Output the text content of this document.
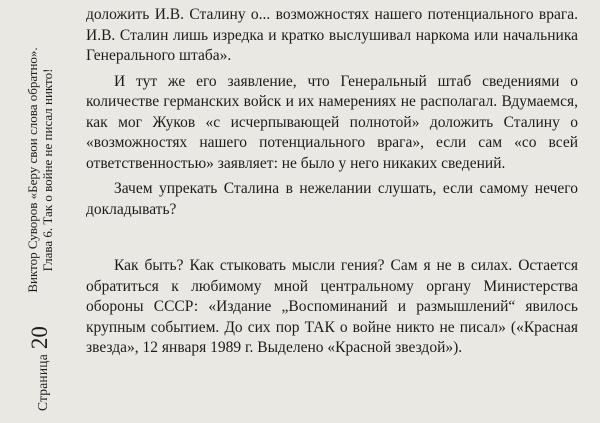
Страница
20
Виктор Суворов «Беру свои слова обратно». Глава 6. Так о войне не писал никто!

доложить И.В. Сталину о... возможностях нашего потенциального врага. И.В. Сталин лишь изредка и кратко выслушивал наркома или начальника Генерального штаба».

И тут же его заявление, что Генеральный штаб сведениями о количестве германских войск и их намерениях не располагал. Вдумаемся, как мог Жуков «с исчерпывающей полнотой» доложить Сталину о «возможностях нашего потенциального врага», если сам «со всей ответственностью» заявляет: не было у него никаких сведений.

Зачем упрекать Сталина в нежелании слушать, если самому нечего докладывать?

Как быть? Как стыковать мысли гения? Сам я не в силах. Остается обратиться к любимому мной центральному органу Министерства обороны СССР: «Издание „Воспоминаний и размышлений“ явилось крупным событием. До сих пор ТАК о войне никто не писал» («Красная звезда», 12 января 1989 г. Выделено «Красной звездой»).
